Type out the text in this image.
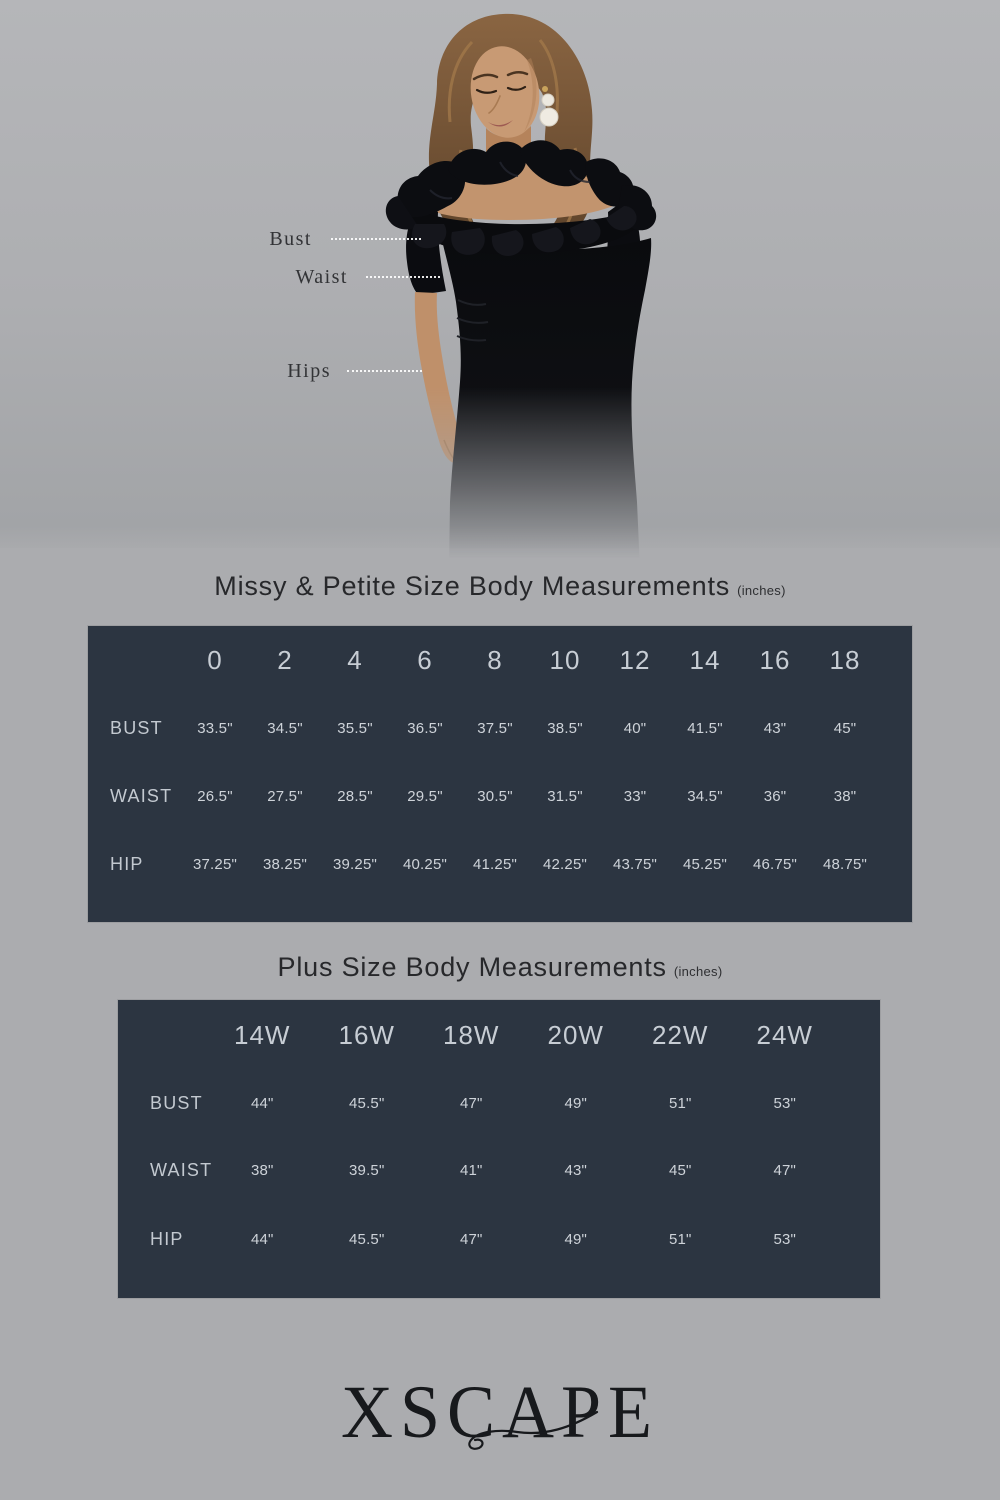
Bust
Waist
Hips
Missy & Petite Size Body Measurements (inches)
0	2	4	6	8	10	12	14	16	18
BUST	33.5"	34.5"	35.5"	36.5"	37.5"	38.5"	40"	41.5"	43"	45"
WAIST	26.5"	27.5"	28.5"	29.5"	30.5"	31.5"	33"	34.5"	36"	38"
HIP	37.25"	38.25"	39.25"	40.25"	41.25"	42.25"	43.75"	45.25"	46.75"	48.75"
Plus Size Body Measurements (inches)
14W	16W	18W	20W	22W	24W
BUST	44"	45.5"	47"	49"	51"	53"
WAIST	38"	39.5"	41"	43"	45"	47"
HIP	44"	45.5"	47"	49"	51"	53"
XSCAPE
